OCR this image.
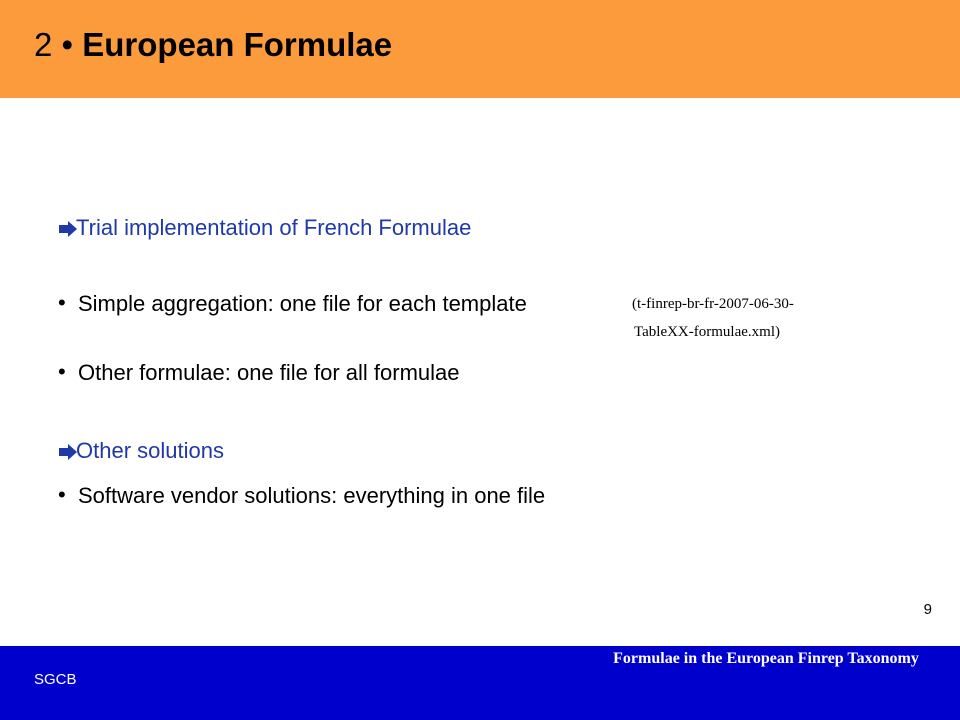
2 • European Formulae
Trial implementation of French Formulae
• Simple aggregation: one file for each template	(t-finrep-br-fr-2007-06-30-
TableXX-formulae.xml)
• Other formulae: one file for all formulae
Other solutions
• Software vendor solutions: everything in one file
9
SGCB
Formulae in the European Finrep Taxonomy
